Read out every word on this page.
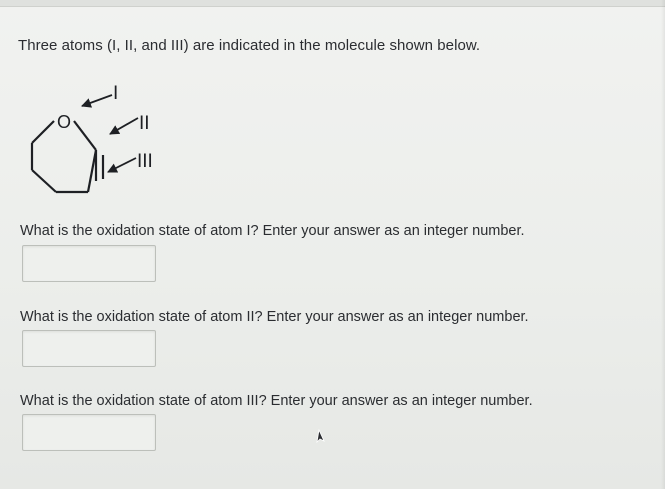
Three atoms (I, II, and III) are indicated in the molecule shown below.
O
I
II
III
What is the oxidation state of atom I? Enter your answer as an integer number.
What is the oxidation state of atom II? Enter your answer as an integer number.
What is the oxidation state of atom III? Enter your answer as an integer number.
